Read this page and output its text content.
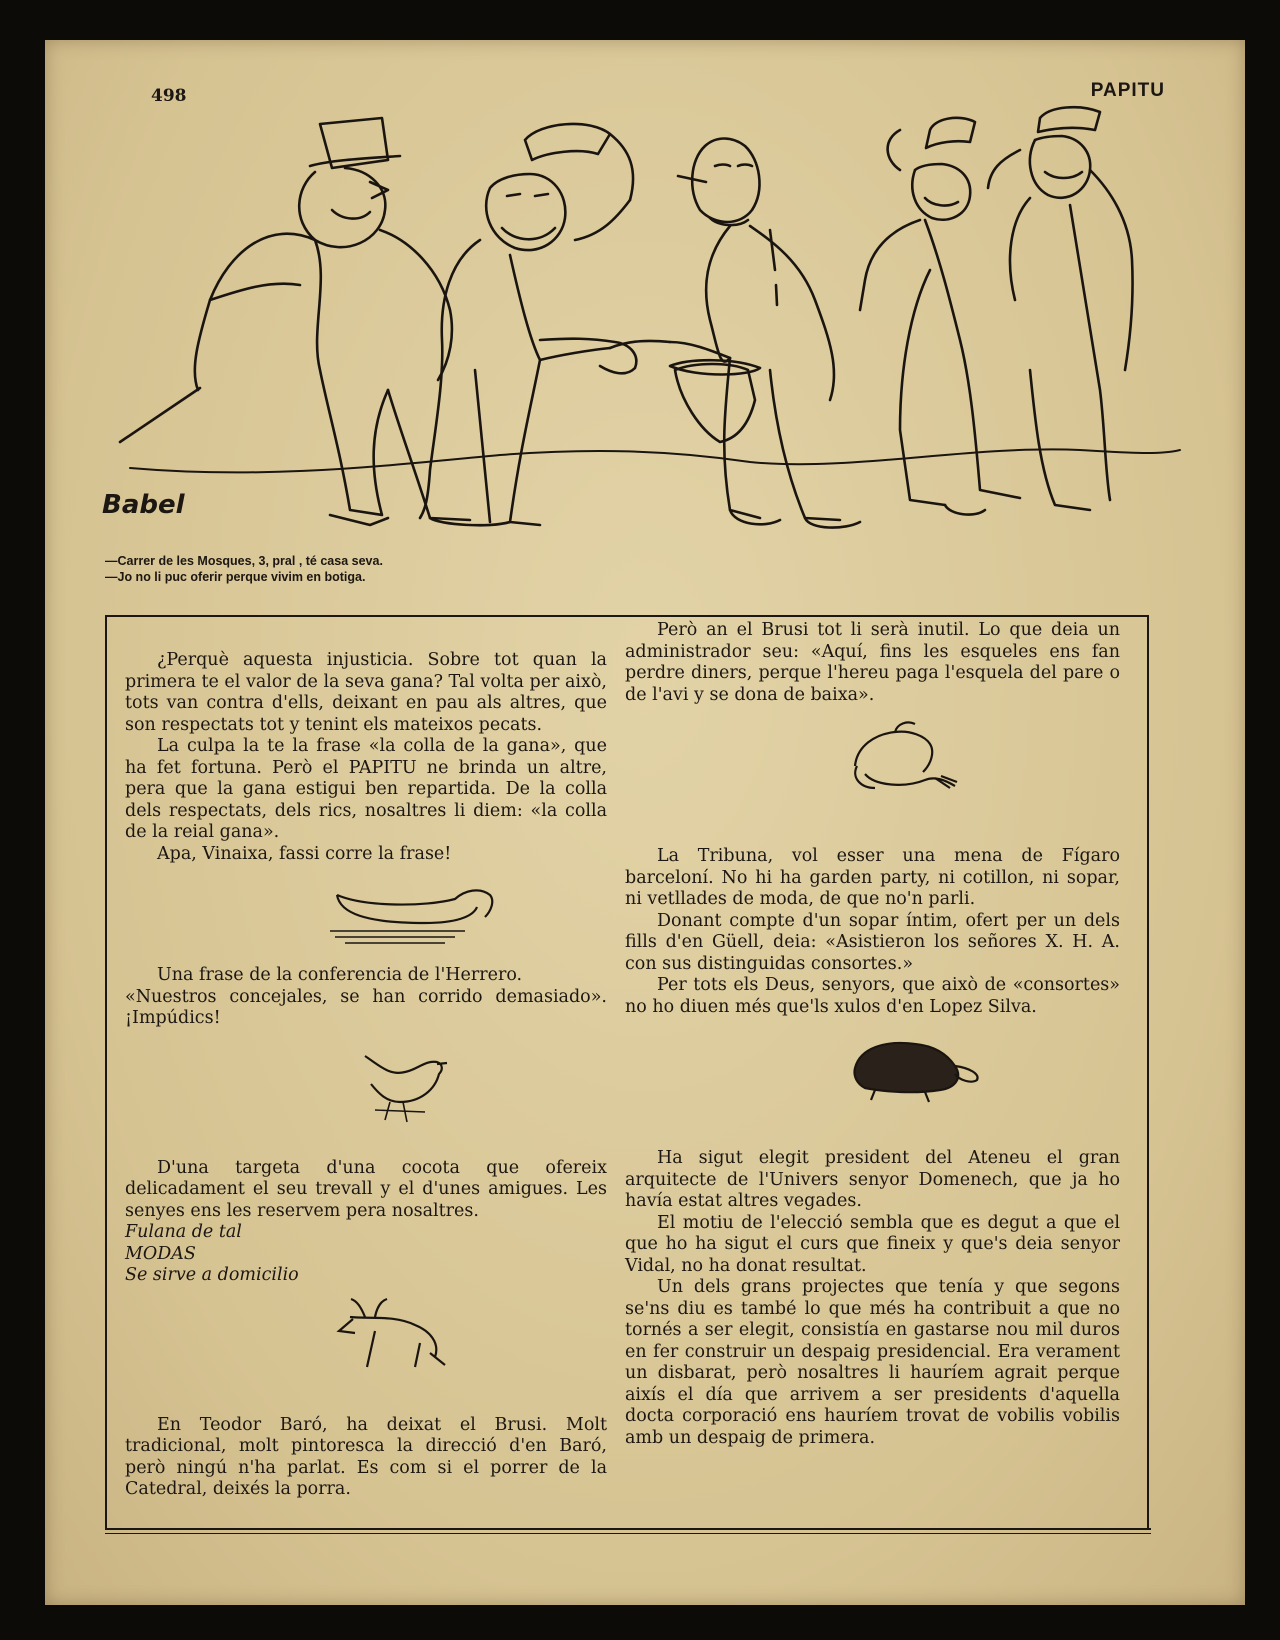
498	PAPITU
Babel
—Carrer de les Mosques, 3, pral , té casa seva.
—Jo no li puc oferir perque vivim en botiga.

¿Perquè aquesta injusticia. Sobre tot quan la primera te el valor de la seva gana? Tal volta per això, tots van contra d'ells, deixant en pau als altres, que son respectats tot y tenint els mateixos pecats.

La culpa la te la frase «la colla de la gana», que ha fet fortuna. Però el PAPITU ne brinda un altre, pera que la gana estigui ben repartida. De la colla dels respectats, dels rics, nosaltres li diem: «la colla de la reial gana».

Apa, Vinaixa, fassi corre la frase!

Una frase de la conferencia de l'Herrero.

«Nuestros concejales, se han corrido demasiado». ¡Impúdics!

D'una targeta d'una cocota que ofereix delicadament el seu trevall y el d'unes amigues. Les senyes ens les reservem pera nosaltres.

Fulana de tal

MODAS

Se sirve a domicilio

En Teodor Baró, ha deixat el Brusi. Molt tradicional, molt pintoresca la direcció d'en Baró, però ningú n'ha parlat. Es com si el porrer de la Catedral, deixés la porra.

Però an el Brusi tot li serà inutil. Lo que deia un administrador seu: «Aquí, fins les esqueles ens fan perdre diners, perque l'hereu paga l'esquela del pare o de l'avi y se dona de baixa».

La Tribuna, vol esser una mena de Fígaro barceloní. No hi ha garden party, ni cotillon, ni sopar, ni vetllades de moda, de que no'n parli.

Donant compte d'un sopar íntim, ofert per un dels fills d'en Güell, deia: «Asistieron los señores X. H. A. con sus distinguidas consortes.»

Per tots els Deus, senyors, que això de «consortes» no ho diuen més que'ls xulos d'en Lopez Silva.

Ha sigut elegit president del Ateneu el gran arquitecte de l'Univers senyor Domenech, que ja ho havía estat altres vegades.

El motiu de l'elecció sembla que es degut a que el que ho ha sigut el curs que fineix y que's deia senyor Vidal, no ha donat resultat.

Un dels grans projectes que tenía y que segons se'ns diu es també lo que més ha contribuit a que no tornés a ser elegit, consistía en gastarse nou mil duros en fer construir un despaig presidencial. Era verament un disbarat, però nosaltres li hauríem agrait perque aixís el día que arrivem a ser presidents d'aquella docta corporació ens hauríem trovat de vobilis vobilis amb un despaig de primera.
